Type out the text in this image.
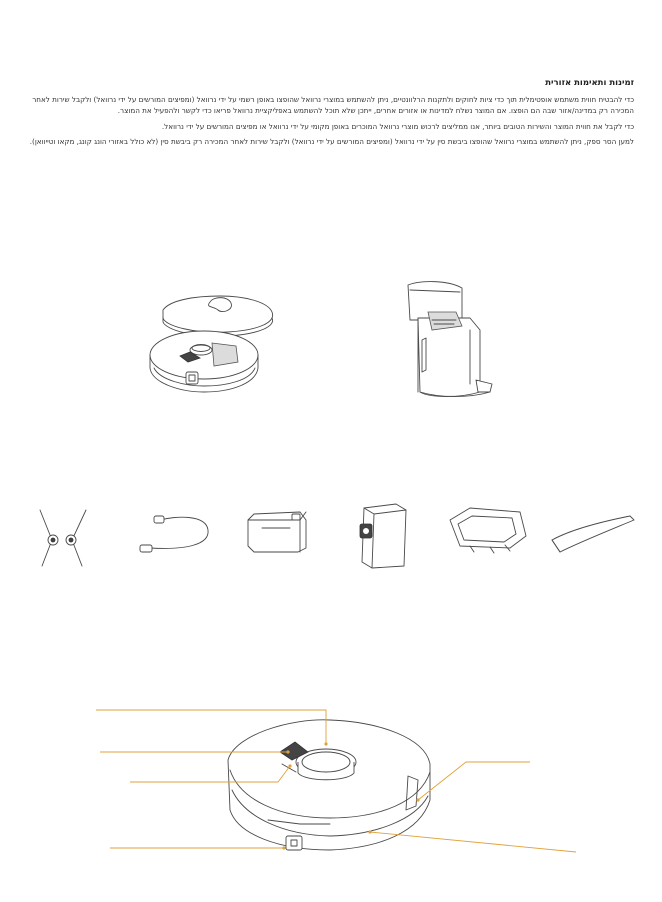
זמינות ותאימות אזורית

כדי להבטיח חווית משתמש אופטימלית תוך כדי ציות לחוקים ולתקנות הרלוונטיים, ניתן להשתמש במוצרי נרוואל שהופצו באופן רשמי על ידי נרוואל (ומפיצים המורשים על ידי נרוואל) ולקבל שירות לאחר המכירה רק במדינה/אזור שבה הם הופצו. אם המוצר נשלח למדינות או אזורים אחרים, ייתכן שלא תוכל להשתמש באפליקציית נרוואל פריאו כדי לקשר ולהפעיל את המוצר.

כדי לקבל את חווית המוצר והשירות הטובים ביותר, אנו ממליצים לרכוש מוצרי נרוואל המוכרים באופן מקומי על ידי נרוואל או מפיצים המורשים על ידי נרוואל.

למען הסר ספק, ניתן להשתמש במוצרי נרוואל שהופצו ביבשת סין על ידי נרוואל (ומפיצים המורשים על ידי נרוואל) ולקבל שירות לאחר המכירה רק ביבשת סין (לא כולל באזורי הונג קונג, מקאו וטייוואן).
